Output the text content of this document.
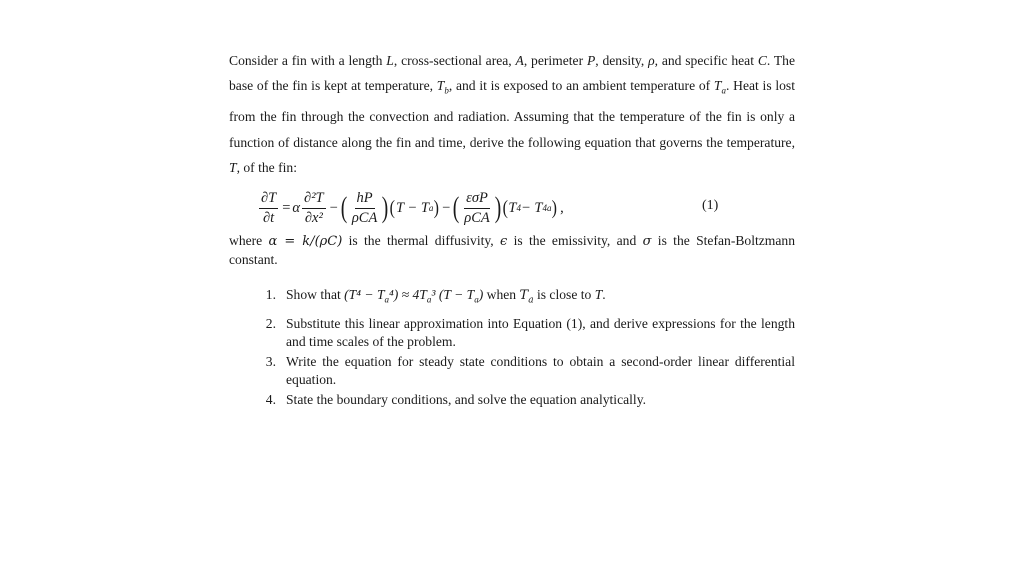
Consider a fin with a length L, cross-sectional area, A, perimeter P, density, ρ, and specific heat C. The base of the fin is kept at temperature, $T_b$, and it is exposed to an ambient temperature of $T_a$. Heat is lost from the fin through the convection and radiation. Assuming that the temperature of the fin is only a function of distance along the fin and time, derive the following equation that governs the temperature, T, of the fin:

$\frac{\partial T}{\partial t} = \alpha \frac{\text{∂²T}}{\text{∂x²}}$ − ( $\frac{hP}{\text{ρCA}}$ ) ( T − T a ) − ( $\frac{\text{εσP}}{\text{ρCA}}$ ) ( T 4 − T 4 a ) ,	(1)

where α = k/(ρC) is the thermal diffusivity, ϵ is the emissivity, and σ is the Stefan-Boltzmann constant.

1. Show that $(T^4 - T_a^4) \approx 4T_a^3$ $(T - T_a)$ when $T_a$ is close to T.
2. Substitute this linear approximation into Equation (1), and derive expressions for the length and time scales of the problem.
3. Write the equation for steady state conditions to obtain a second-order linear differential equation.
4. State the boundary conditions, and solve the equation analytically.
